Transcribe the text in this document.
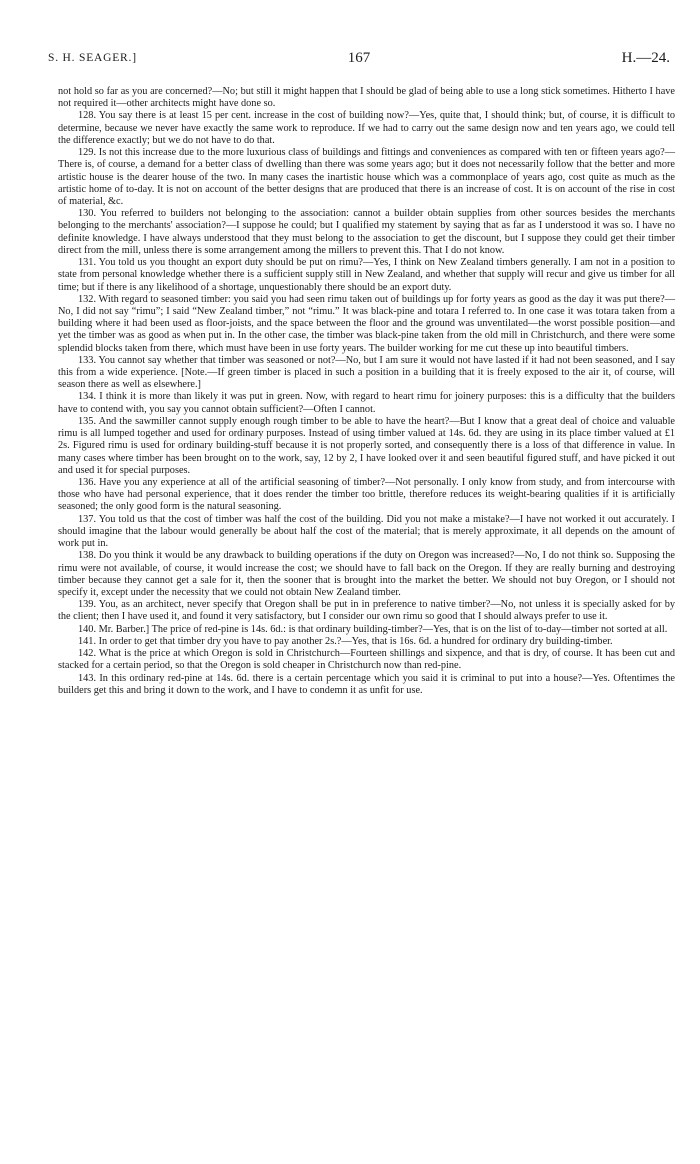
S. H. SEAGER.]	167	H.—24.

not hold so far as you are concerned?—No; but still it might happen that I should be glad of being able to use a long stick sometimes. Hitherto I have not required it—other architects might have done so.

128. You say there is at least 15 per cent. increase in the cost of building now?—Yes, quite that, I should think; but, of course, it is difficult to determine, because we never have exactly the same work to reproduce. If we had to carry out the same design now and ten years ago, we could tell the difference exactly; but we do not have to do that.

129. Is not this increase due to the more luxurious class of buildings and fittings and conveniences as compared with ten or fifteen years ago?—There is, of course, a demand for a better class of dwelling than there was some years ago; but it does not necessarily follow that the better and more artistic house is the dearer house of the two. In many cases the inartistic house which was a commonplace of years ago, cost quite as much as the artistic home of to-day. It is not on account of the better designs that are produced that there is an increase of cost. It is on account of the rise in cost of material, &c.

130. You referred to builders not belonging to the association: cannot a builder obtain supplies from other sources besides the merchants belonging to the merchants' association?—I suppose he could; but I qualified my statement by saying that as far as I understood it was so. I have no definite knowledge. I have always understood that they must belong to the association to get the discount, but I suppose they could get their timber direct from the mill, unless there is some arrangement among the millers to prevent this. That I do not know.

131. You told us you thought an export duty should be put on rimu?—Yes, I think on New Zealand timbers generally. I am not in a position to state from personal knowledge whether there is a sufficient supply still in New Zealand, and whether that supply will recur and give us timber for all time; but if there is any likelihood of a shortage, unquestionably there should be an export duty.

132. With regard to seasoned timber: you said you had seen rimu taken out of buildings up for forty years as good as the day it was put there?—No, I did not say “rimu”; I said “New Zealand timber,” not “rimu.” It was black-pine and totara I referred to. In one case it was totara taken from a building where it had been used as floor-joists, and the space between the floor and the ground was unventilated—the worst possible position—and yet the timber was as good as when put in. In the other case, the timber was black-pine taken from the old mill in Christchurch, and there were some splendid blocks taken from there, which must have been in use forty years. The builder working for me cut these up into beautiful timbers.

133. You cannot say whether that timber was seasoned or not?—No, but I am sure it would not have lasted if it had not been seasoned, and I say this from a wide experience. [Note.—If green timber is placed in such a position in a building that it is freely exposed to the air it, of course, will season there as well as elsewhere.]

134. I think it is more than likely it was put in green. Now, with regard to heart rimu for joinery purposes: this is a difficulty that the builders have to contend with, you say you cannot obtain sufficient?—Often I cannot.

135. And the sawmiller cannot supply enough rough timber to be able to have the heart?—But I know that a great deal of choice and valuable rimu is all lumped together and used for ordinary purposes. Instead of using timber valued at 14s. 6d. they are using in its place timber valued at £1 2s. Figured rimu is used for ordinary building-stuff because it is not properly sorted, and consequently there is a loss of that difference in value. In many cases where timber has been brought on to the work, say, 12 by 2, I have looked over it and seen beautiful figured stuff, and have picked it out and used it for special purposes.

136. Have you any experience at all of the artificial seasoning of timber?—Not personally. I only know from study, and from intercourse with those who have had personal experience, that it does render the timber too brittle, therefore reduces its weight-bearing qualities if it is artificially seasoned; the only good form is the natural seasoning.

137. You told us that the cost of timber was half the cost of the building. Did you not make a mistake?—I have not worked it out accurately. I should imagine that the labour would generally be about half the cost of the material; that is merely approximate, it all depends on the amount of work put in.

138. Do you think it would be any drawback to building operations if the duty on Oregon was increased?—No, I do not think so. Supposing the rimu were not available, of course, it would increase the cost; we should have to fall back on the Oregon. If they are really burning and destroying timber because they cannot get a sale for it, then the sooner that is brought into the market the better. We should not buy Oregon, or I should not specify it, except under the necessity that we could not obtain New Zealand timber.

139. You, as an architect, never specify that Oregon shall be put in in preference to native timber?—No, not unless it is specially asked for by the client; then I have used it, and found it very satisfactory, but I consider our own rimu so good that I should always prefer to use it.

140. Mr. Barber.] The price of red-pine is 14s. 6d.: is that ordinary building-timber?—Yes, that is on the list of to-day—timber not sorted at all.

141. In order to get that timber dry you have to pay another 2s.?—Yes, that is 16s. 6d. a hundred for ordinary dry building-timber.

142. What is the price at which Oregon is sold in Christchurch—Fourteen shillings and sixpence, and that is dry, of course. It has been cut and stacked for a certain period, so that the Oregon is sold cheaper in Christchurch now than red-pine.

143. In this ordinary red-pine at 14s. 6d. there is a certain percentage which you said it is criminal to put into a house?—Yes. Oftentimes the builders get this and bring it down to the work, and I have to condemn it as unfit for use.
